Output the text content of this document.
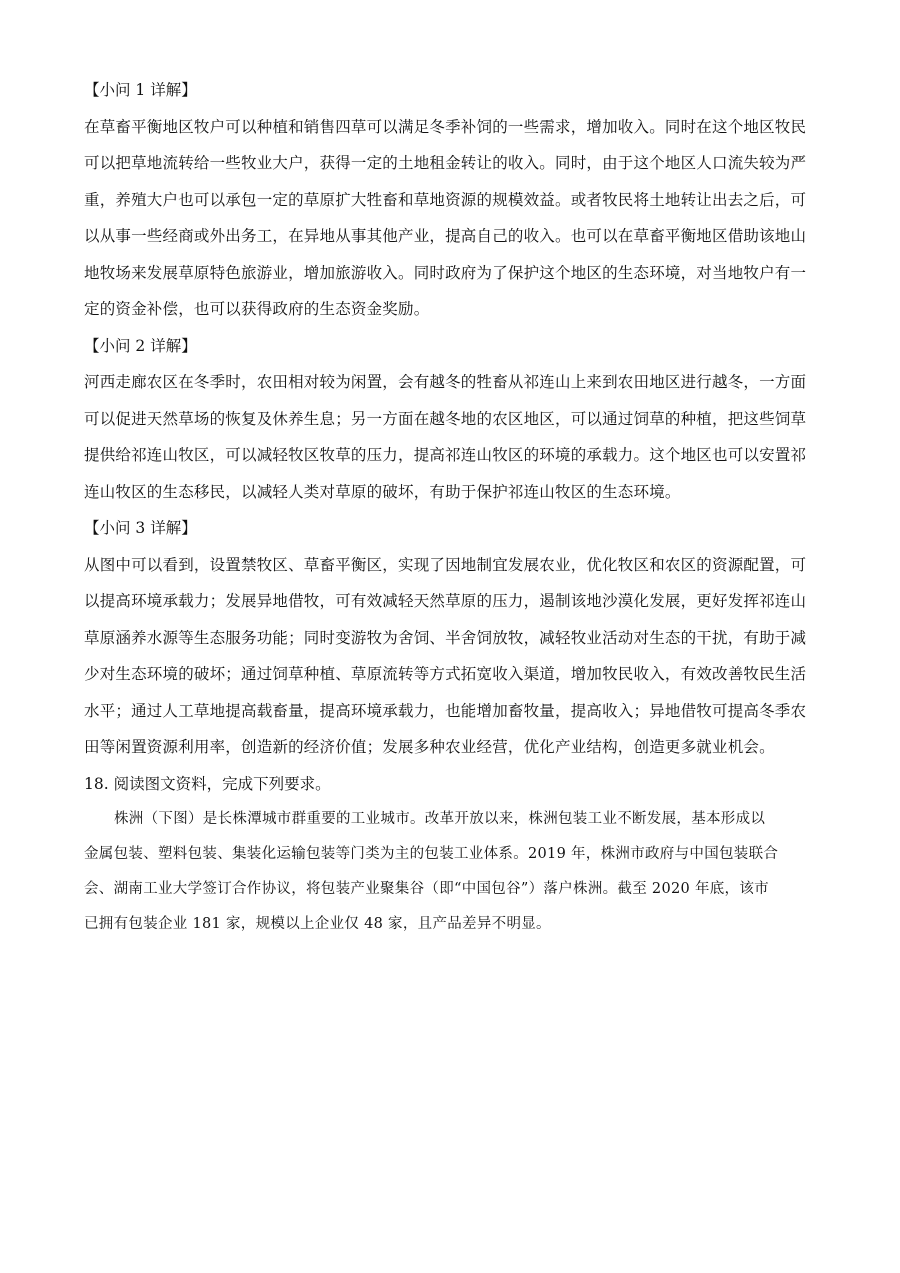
【小问 1 详解】
在草畜平衡地区牧户可以种植和销售四草可以满足冬季补饲的一些需求，增加收入。同时在这个地区牧民
可以把草地流转给一些牧业大户，获得一定的土地租金转让的收入。同时，由于这个地区人口流失较为严
重，养殖大户也可以承包一定的草原扩大牲畜和草地资源的规模效益。或者牧民将土地转让出去之后，可
以从事一些经商或外出务工，在异地从事其他产业，提高自己的收入。也可以在草畜平衡地区借助该地山
地牧场来发展草原特色旅游业，增加旅游收入。同时政府为了保护这个地区的生态环境，对当地牧户有一
定的资金补偿，也可以获得政府的生态资金奖励。
【小问 2 详解】
河西走廊农区在冬季时，农田相对较为闲置，会有越冬的牲畜从祁连山上来到农田地区进行越冬，一方面
可以促进天然草场的恢复及休养生息；另一方面在越冬地的农区地区，可以通过饲草的种植，把这些饲草
提供给祁连山牧区，可以减轻牧区牧草的压力，提高祁连山牧区的环境的承载力。这个地区也可以安置祁
连山牧区的生态移民，以减轻人类对草原的破坏，有助于保护祁连山牧区的生态环境。
【小问 3 详解】
从图中可以看到，设置禁牧区、草畜平衡区，实现了因地制宜发展农业，优化牧区和农区的资源配置，可
以提高环境承载力；发展异地借牧，可有效减轻天然草原的压力，遏制该地沙漠化发展，更好发挥祁连山
草原涵养水源等生态服务功能；同时变游牧为舍饲、半舍饲放牧，减轻牧业活动对生态的干扰，有助于减
少对生态环境的破坏；通过饲草种植、草原流转等方式拓宽收入渠道，增加牧民收入，有效改善牧民生活
水平；通过人工草地提高载畜量，提高环境承载力，也能增加畜牧量，提高收入；异地借牧可提高冬季农
田等闲置资源利用率，创造新的经济价值；发展多种农业经营，优化产业结构，创造更多就业机会。
18. 阅读图文资料，完成下列要求。
株洲（下图）是长株潭城市群重要的工业城市。改革开放以来，株洲包装工业不断发展，基本形成以
金属包装、塑料包装、集装化运输包装等门类为主的包装工业体系。2019 年，株洲市政府与中国包装联合
会、湖南工业大学签订合作协议，将包装产业聚集谷（即“中国包谷”）落户株洲。截至 2020 年底，该市
已拥有包装企业 181 家，规模以上企业仅 48 家，且产品差异不明显。
